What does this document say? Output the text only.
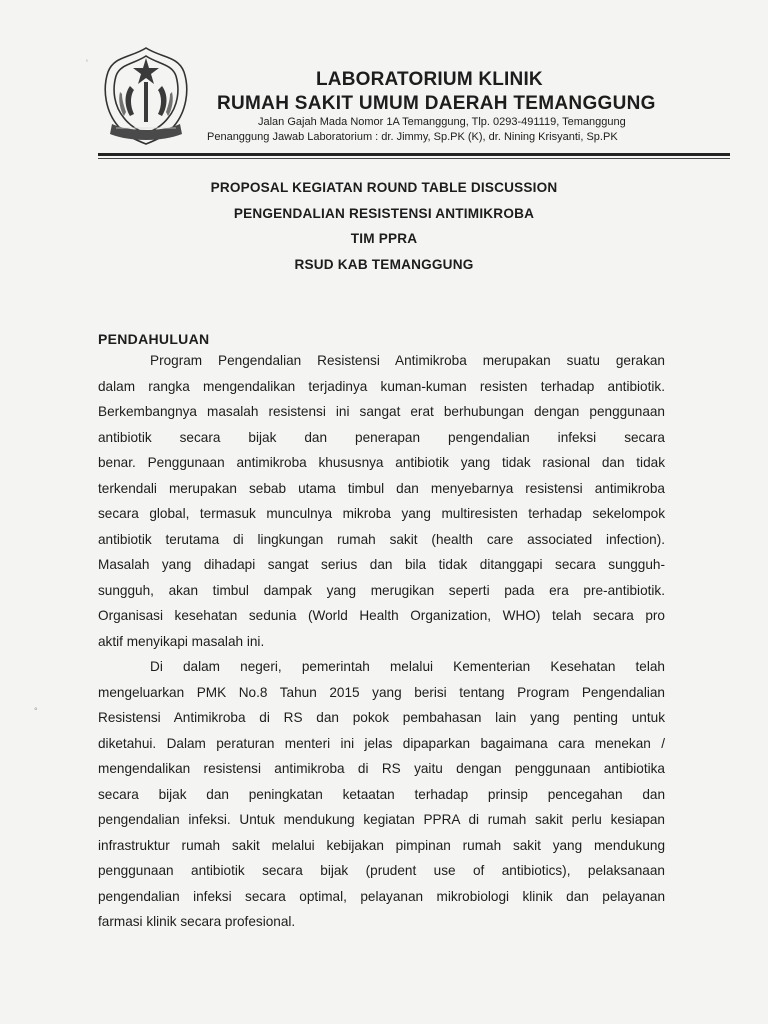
LABORATORIUM KLINIK
RUMAH SAKIT UMUM DAERAH TEMANGGUNG
Jalan Gajah Mada Nomor 1A Temanggung, Tlp. 0293-491119, Temanggung
Penanggung Jawab Laboratorium : dr. Jimmy, Sp.PK (K), dr. Nining Krisyanti, Sp.PK
PROPOSAL KEGIATAN ROUND TABLE DISCUSSION
PENGENDALIAN RESISTENSI ANTIMIKROBA
TIM PPRA
RSUD KAB TEMANGGUNG
PENDAHULUAN
Program Pengendalian Resistensi Antimikroba merupakan suatu gerakan
dalam rangka mengendalikan terjadinya kuman-kuman resisten terhadap antibiotik.
Berkembangnya masalah resistensi ini sangat erat berhubungan dengan penggunaan
antibiotik secara bijak dan penerapan pengendalian infeksi secara
benar. Penggunaan antimikroba khususnya antibiotik yang tidak rasional dan tidak
terkendali merupakan sebab utama timbul dan menyebarnya resistensi antimikroba
secara global, termasuk munculnya mikroba yang multiresisten terhadap sekelompok
antibiotik terutama di lingkungan rumah sakit (health care associated infection).
Masalah yang dihadapi sangat serius dan bila tidak ditanggapi secara sungguh-
sungguh, akan timbul dampak yang merugikan seperti pada era pre-antibiotik.
Organisasi kesehatan sedunia (World Health Organization, WHO) telah secara pro
aktif menyikapi masalah ini.
Di dalam negeri, pemerintah melalui Kementerian Kesehatan telah
mengeluarkan PMK No.8 Tahun 2015 yang berisi tentang Program Pengendalian
Resistensi Antimikroba di RS dan pokok pembahasan lain yang penting untuk
diketahui. Dalam peraturan menteri ini jelas dipaparkan bagaimana cara menekan /
mengendalikan resistensi antimikroba di RS yaitu dengan penggunaan antibiotika
secara bijak dan peningkatan ketaatan terhadap prinsip pencegahan dan
pengendalian infeksi. Untuk mendukung kegiatan PPRA di rumah sakit perlu kesiapan
infrastruktur rumah sakit melalui kebijakan pimpinan rumah sakit yang mendukung
penggunaan antibiotik secara bijak (prudent use of antibiotics), pelaksanaan
pengendalian infeksi secara optimal, pelayanan mikrobiologi klinik dan pelayanan
farmasi klinik secara profesional.
‘
°
